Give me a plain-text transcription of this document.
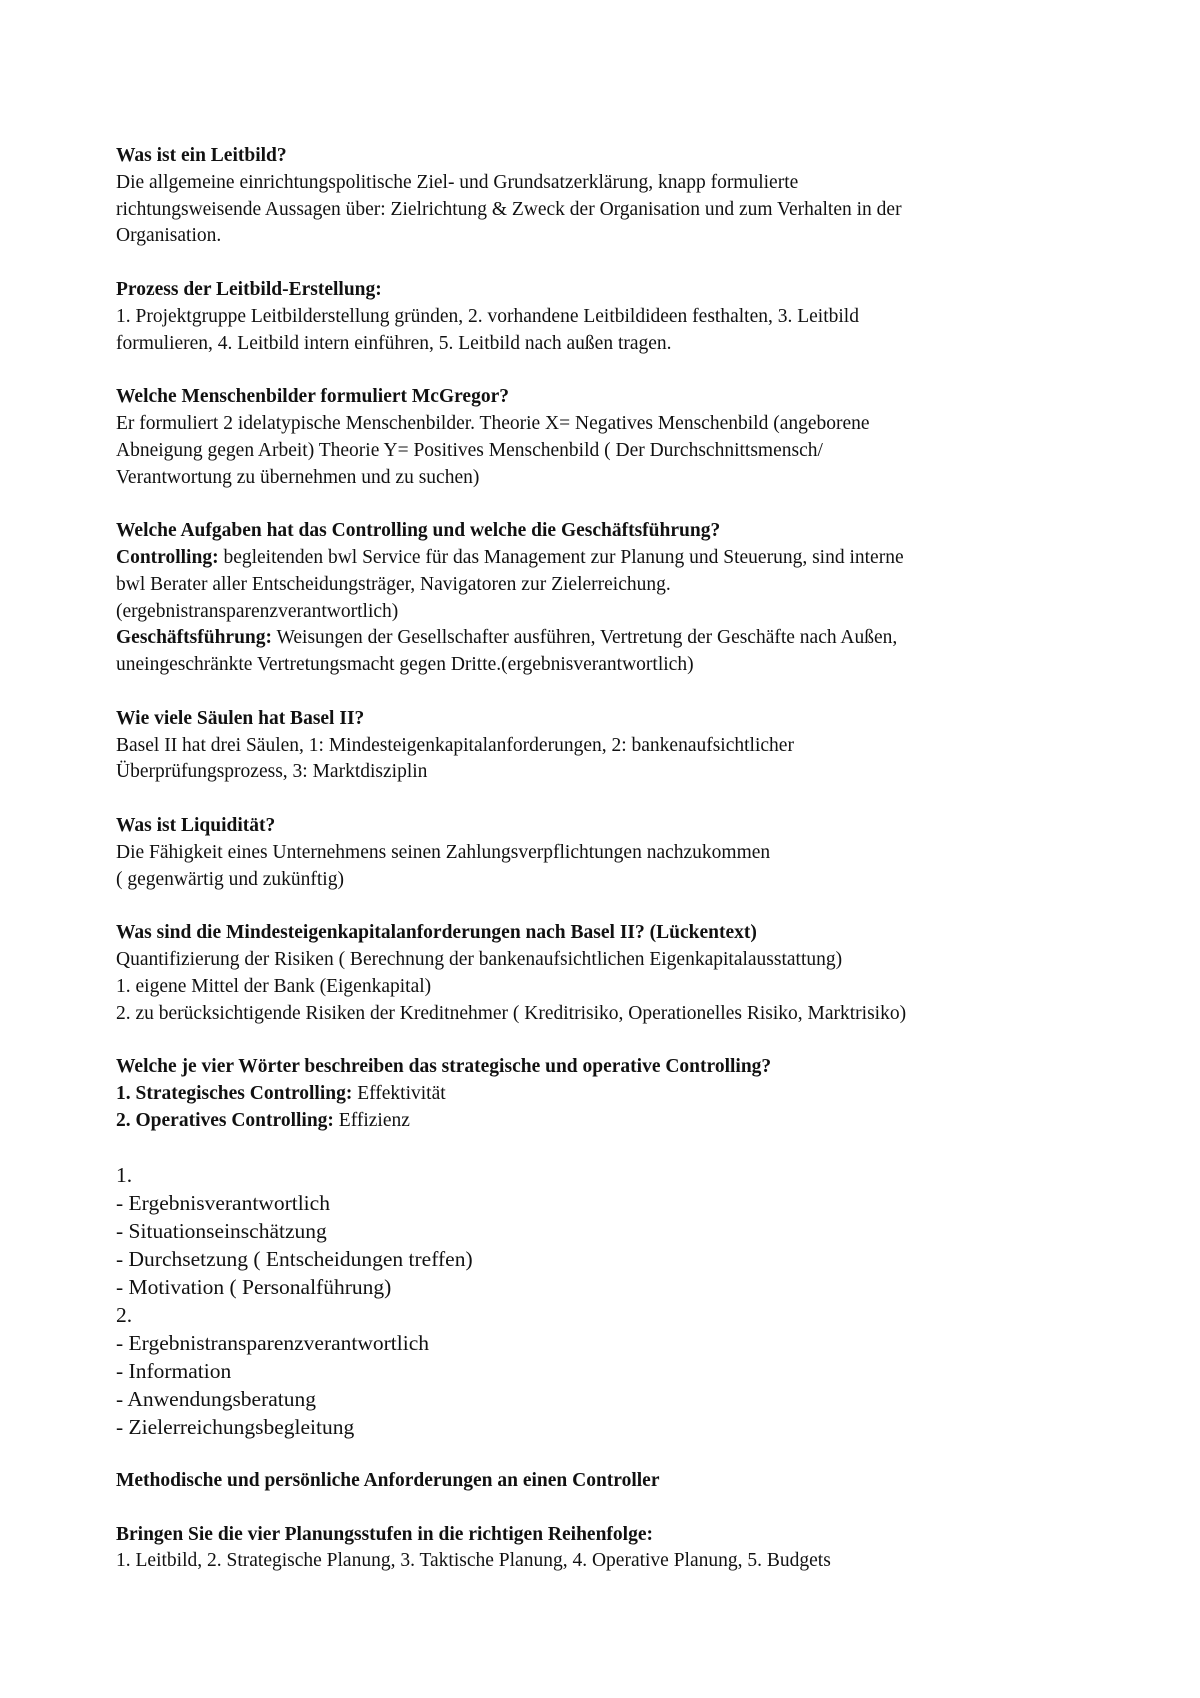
Was ist ein Leitbild?
Die allgemeine einrichtungspolitische Ziel- und Grundsatzerklärung, knapp formulierte
richtungsweisende Aussagen über: Zielrichtung & Zweck der Organisation und zum Verhalten in der
Organisation.
Prozess der Leitbild-Erstellung:
1. Projektgruppe Leitbilderstellung gründen, 2. vorhandene Leitbildideen festhalten, 3. Leitbild
formulieren, 4. Leitbild intern einführen, 5. Leitbild nach außen tragen.
Welche Menschenbilder formuliert McGregor?
Er formuliert 2 idelatypische Menschenbilder. Theorie X= Negatives Menschenbild (angeborene
Abneigung gegen Arbeit) Theorie Y= Positives Menschenbild ( Der Durchschnittsmensch/
Verantwortung zu übernehmen und zu suchen)
Welche Aufgaben hat das Controlling und welche die Geschäftsführung?
Controlling: begleitenden bwl Service für das Management zur Planung und Steuerung, sind interne
bwl Berater aller Entscheidungsträger, Navigatoren zur Zielerreichung.
(ergebnistransparenzverantwortlich)
Geschäftsführung: Weisungen der Gesellschafter ausführen, Vertretung der Geschäfte nach Außen,
uneingeschränkte Vertretungsmacht gegen Dritte.(ergebnisverantwortlich)
Wie viele Säulen hat Basel II?
Basel II hat drei Säulen, 1: Mindesteigenkapitalanforderungen, 2: bankenaufsichtlicher
Überprüfungsprozess, 3: Marktdisziplin
Was ist Liquidität?
Die Fähigkeit eines Unternehmens seinen Zahlungsverpflichtungen nachzukommen
( gegenwärtig und zukünftig)
Was sind die Mindesteigenkapitalanforderungen nach Basel II? (Lückentext)
Quantifizierung der Risiken ( Berechnung der bankenaufsichtlichen Eigenkapitalausstattung)
1. eigene Mittel der Bank (Eigenkapital)
2. zu berücksichtigende Risiken der Kreditnehmer ( Kreditrisiko, Operationelles Risiko, Marktrisiko)
Welche je vier Wörter beschreiben das strategische und operative Controlling?
1. Strategisches Controlling: Effektivität
2. Operatives Controlling: Effizienz
1.
- Ergebnisverantwortlich
- Situationseinschätzung
- Durchsetzung ( Entscheidungen treffen)
- Motivation ( Personalführung)
2.
- Ergebnistransparenzverantwortlich
- Information
- Anwendungsberatung
- Zielerreichungsbegleitung
Methodische und persönliche Anforderungen an einen Controller
Bringen Sie die vier Planungsstufen in die richtigen Reihenfolge:
1. Leitbild, 2. Strategische Planung, 3. Taktische Planung, 4. Operative Planung, 5. Budgets
